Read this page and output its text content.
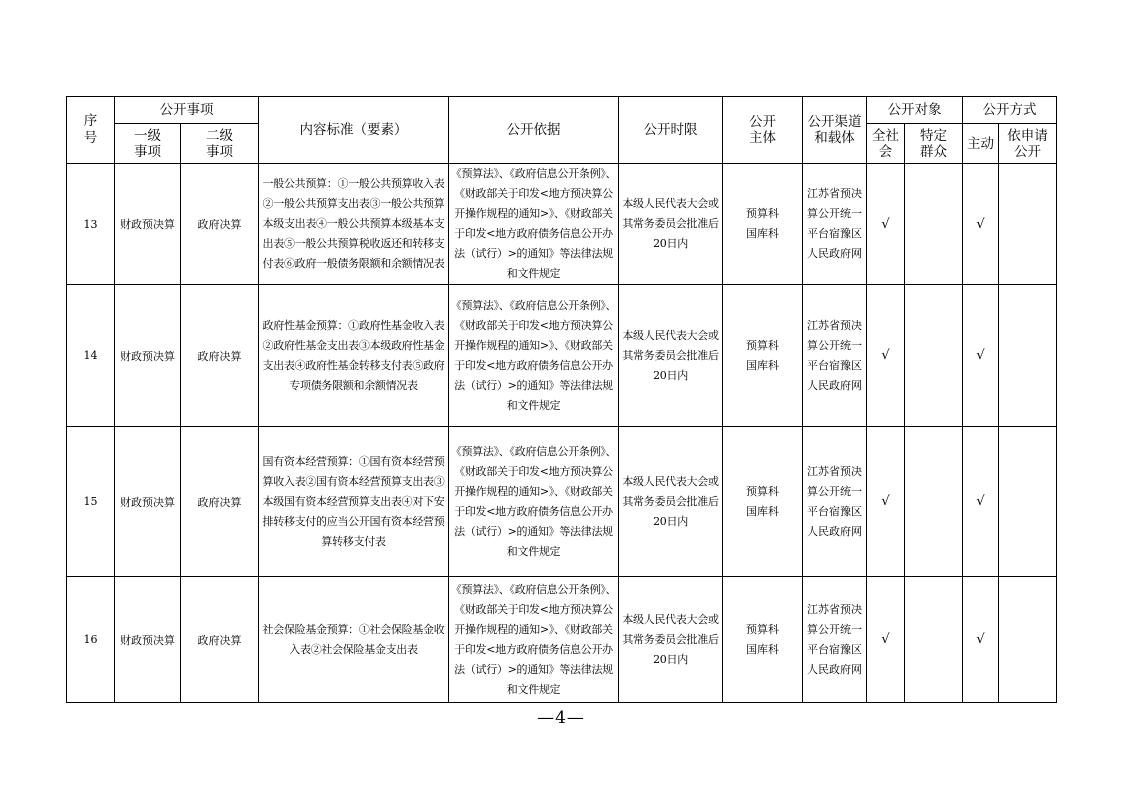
序号	公开事项		内容标准（要素）	公开依据	公开时限	公开主体	公开渠道和载体	公开对象		公开方式	

	一级事项	二级事项						全社会	特定群众	主动	依申请公开

13	财政预决算	政府决算	一般公共预算：①一般公共预算收入表②一般公共预算支出表③一般公共预算本级支出表④一般公共预算本级基本支出表⑤一般公共预算税收返还和转移支付表⑥政府一般债务限额和余额情况表	《预算法》、《政府信息公开条例》、《财政部关于印发<地方预决算公开操作规程的通知>》、《财政部关于印发<地方政府债务信息公开办法（试行）>的通知》等法律法规和文件规定	本级人民代表大会或其常务委员会批准后20日内	预算科国库科	江苏省预决算公开统一平台宿豫区人民政府网	√		√	
14	财政预决算	政府决算	政府性基金预算：①政府性基金收入表②政府性基金支出表③本级政府性基金支出表④政府性基金转移支付表⑤政府专项债务限额和余额情况表	《预算法》、《政府信息公开条例》、《财政部关于印发<地方预决算公开操作规程的通知>》、《财政部关于印发<地方政府债务信息公开办法（试行）>的通知》等法律法规和文件规定	本级人民代表大会或其常务委员会批准后20日内	预算科国库科	江苏省预决算公开统一平台宿豫区人民政府网	√		√	
15	财政预决算	政府决算	国有资本经营预算：①国有资本经营预算收入表②国有资本经营预算支出表③本级国有资本经营预算支出表④对下安排转移支付的应当公开国有资本经营预算转移支付表	《预算法》、《政府信息公开条例》、《财政部关于印发<地方预决算公开操作规程的通知>》、《财政部关于印发<地方政府债务信息公开办法（试行）>的通知》等法律法规和文件规定	本级人民代表大会或其常务委员会批准后20日内	预算科国库科	江苏省预决算公开统一平台宿豫区人民政府网	√		√	
16	财政预决算	政府决算	社会保险基金预算：①社会保险基金收入表②社会保险基金支出表	《预算法》、《政府信息公开条例》、《财政部关于印发<地方预决算公开操作规程的通知>》、《财政部关于印发<地方政府债务信息公开办法（试行）>的通知》等法律法规和文件规定	本级人民代表大会或其常务委员会批准后20日内	预算科国库科	江苏省预决算公开统一平台宿豫区人民政府网	√		√	
—4—
